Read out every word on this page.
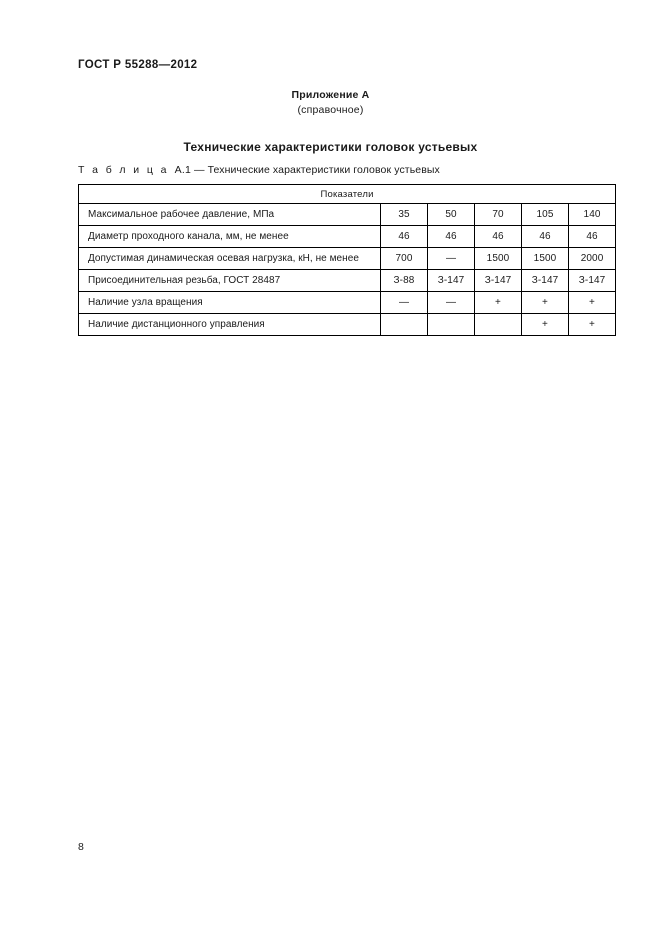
ГОСТ Р 55288—2012
Приложение А
(справочное)
Технические характеристики головок устьевых
Т а б л и ц а А.1 — Технические характеристики головок устьевых
Показатели					
Максимальное рабочее давление, МПа	35	50	70	105	140
Диаметр проходного канала, мм, не менее	46	46	46	46	46
Допустимая динамическая осевая нагрузка, кН, не менее	700	—	1500	1500	2000
Присоединительная резьба, ГОСТ 28487	З-88	З-147	З-147	З-147	З-147
Наличие узла вращения	—	—	+	+	+
Наличие дистанционного управления				+	+
8
